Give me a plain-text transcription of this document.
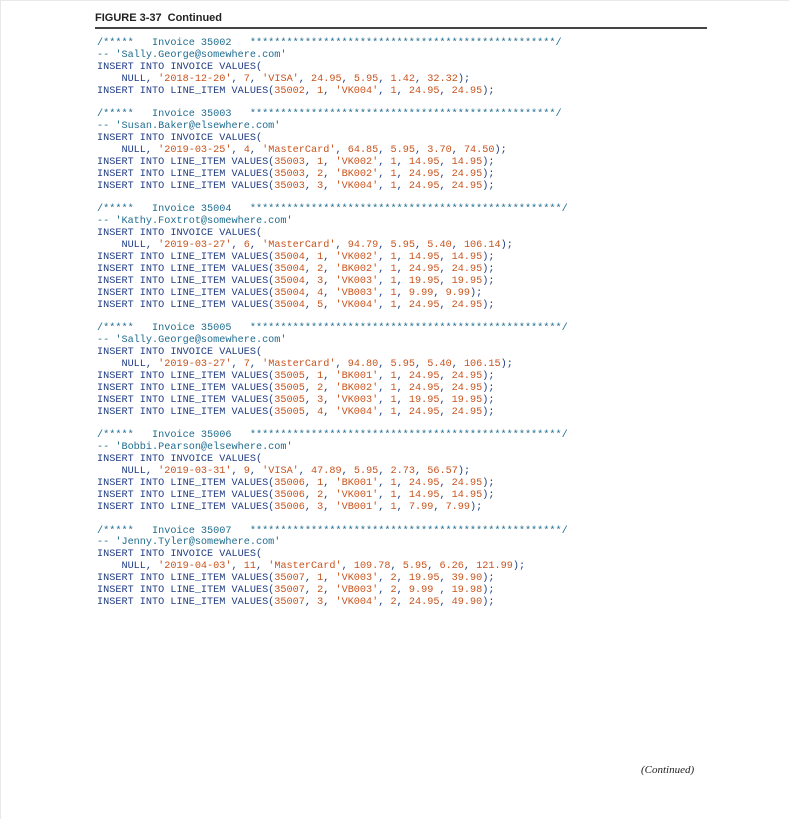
FIGURE 3-37 Continued
/*****   Invoice 35002   **************************************************/
-- 'Sally.George@somewhere.com'
INSERT INTO INVOICE VALUES(
NULL, '2018-12-20', 7, 'VISA', 24.95, 5.95, 1.42, 32.32);
INSERT INTO LINE_ITEM VALUES(35002, 1, 'VK004', 1, 24.95, 24.95);
/*****   Invoice 35003   **************************************************/
-- 'Susan.Baker@elsewhere.com'
INSERT INTO INVOICE VALUES(
NULL, '2019-03-25', 4, 'MasterCard', 64.85, 5.95, 3.70, 74.50);
INSERT INTO LINE_ITEM VALUES(35003, 1, 'VK002', 1, 14.95, 14.95);
INSERT INTO LINE_ITEM VALUES(35003, 2, 'BK002', 1, 24.95, 24.95);
INSERT INTO LINE_ITEM VALUES(35003, 3, 'VK004', 1, 24.95, 24.95);
/*****   Invoice 35004   ***************************************************/
-- 'Kathy.Foxtrot@somewhere.com'
INSERT INTO INVOICE VALUES(
NULL, '2019-03-27', 6, 'MasterCard', 94.79, 5.95, 5.40, 106.14);
INSERT INTO LINE_ITEM VALUES(35004, 1, 'VK002', 1, 14.95, 14.95);
INSERT INTO LINE_ITEM VALUES(35004, 2, 'BK002', 1, 24.95, 24.95);
INSERT INTO LINE_ITEM VALUES(35004, 3, 'VK003', 1, 19.95, 19.95);
INSERT INTO LINE_ITEM VALUES(35004, 4, 'VB003', 1, 9.99, 9.99);
INSERT INTO LINE_ITEM VALUES(35004, 5, 'VK004', 1, 24.95, 24.95);
/*****   Invoice 35005   ***************************************************/
-- 'Sally.George@somewhere.com'
INSERT INTO INVOICE VALUES(
NULL, '2019-03-27', 7, 'MasterCard', 94.80, 5.95, 5.40, 106.15);
INSERT INTO LINE_ITEM VALUES(35005, 1, 'BK001', 1, 24.95, 24.95);
INSERT INTO LINE_ITEM VALUES(35005, 2, 'BK002', 1, 24.95, 24.95);
INSERT INTO LINE_ITEM VALUES(35005, 3, 'VK003', 1, 19.95, 19.95);
INSERT INTO LINE_ITEM VALUES(35005, 4, 'VK004', 1, 24.95, 24.95);
/*****   Invoice 35006   ***************************************************/
-- 'Bobbi.Pearson@elsewhere.com'
INSERT INTO INVOICE VALUES(
NULL, '2019-03-31', 9, 'VISA', 47.89, 5.95, 2.73, 56.57);
INSERT INTO LINE_ITEM VALUES(35006, 1, 'BK001', 1, 24.95, 24.95);
INSERT INTO LINE_ITEM VALUES(35006, 2, 'VK001', 1, 14.95, 14.95);
INSERT INTO LINE_ITEM VALUES(35006, 3, 'VB001', 1, 7.99, 7.99);
/*****   Invoice 35007   ***************************************************/
-- 'Jenny.Tyler@somewhere.com'
INSERT INTO INVOICE VALUES(
NULL, '2019-04-03', 11, 'MasterCard', 109.78, 5.95, 6.26, 121.99);
INSERT INTO LINE_ITEM VALUES(35007, 1, 'VK003', 2, 19.95, 39.90);
INSERT INTO LINE_ITEM VALUES(35007, 2, 'VB003', 2, 9.99 , 19.98);
INSERT INTO LINE_ITEM VALUES(35007, 3, 'VK004', 2, 24.95, 49.90);
(Continued)
